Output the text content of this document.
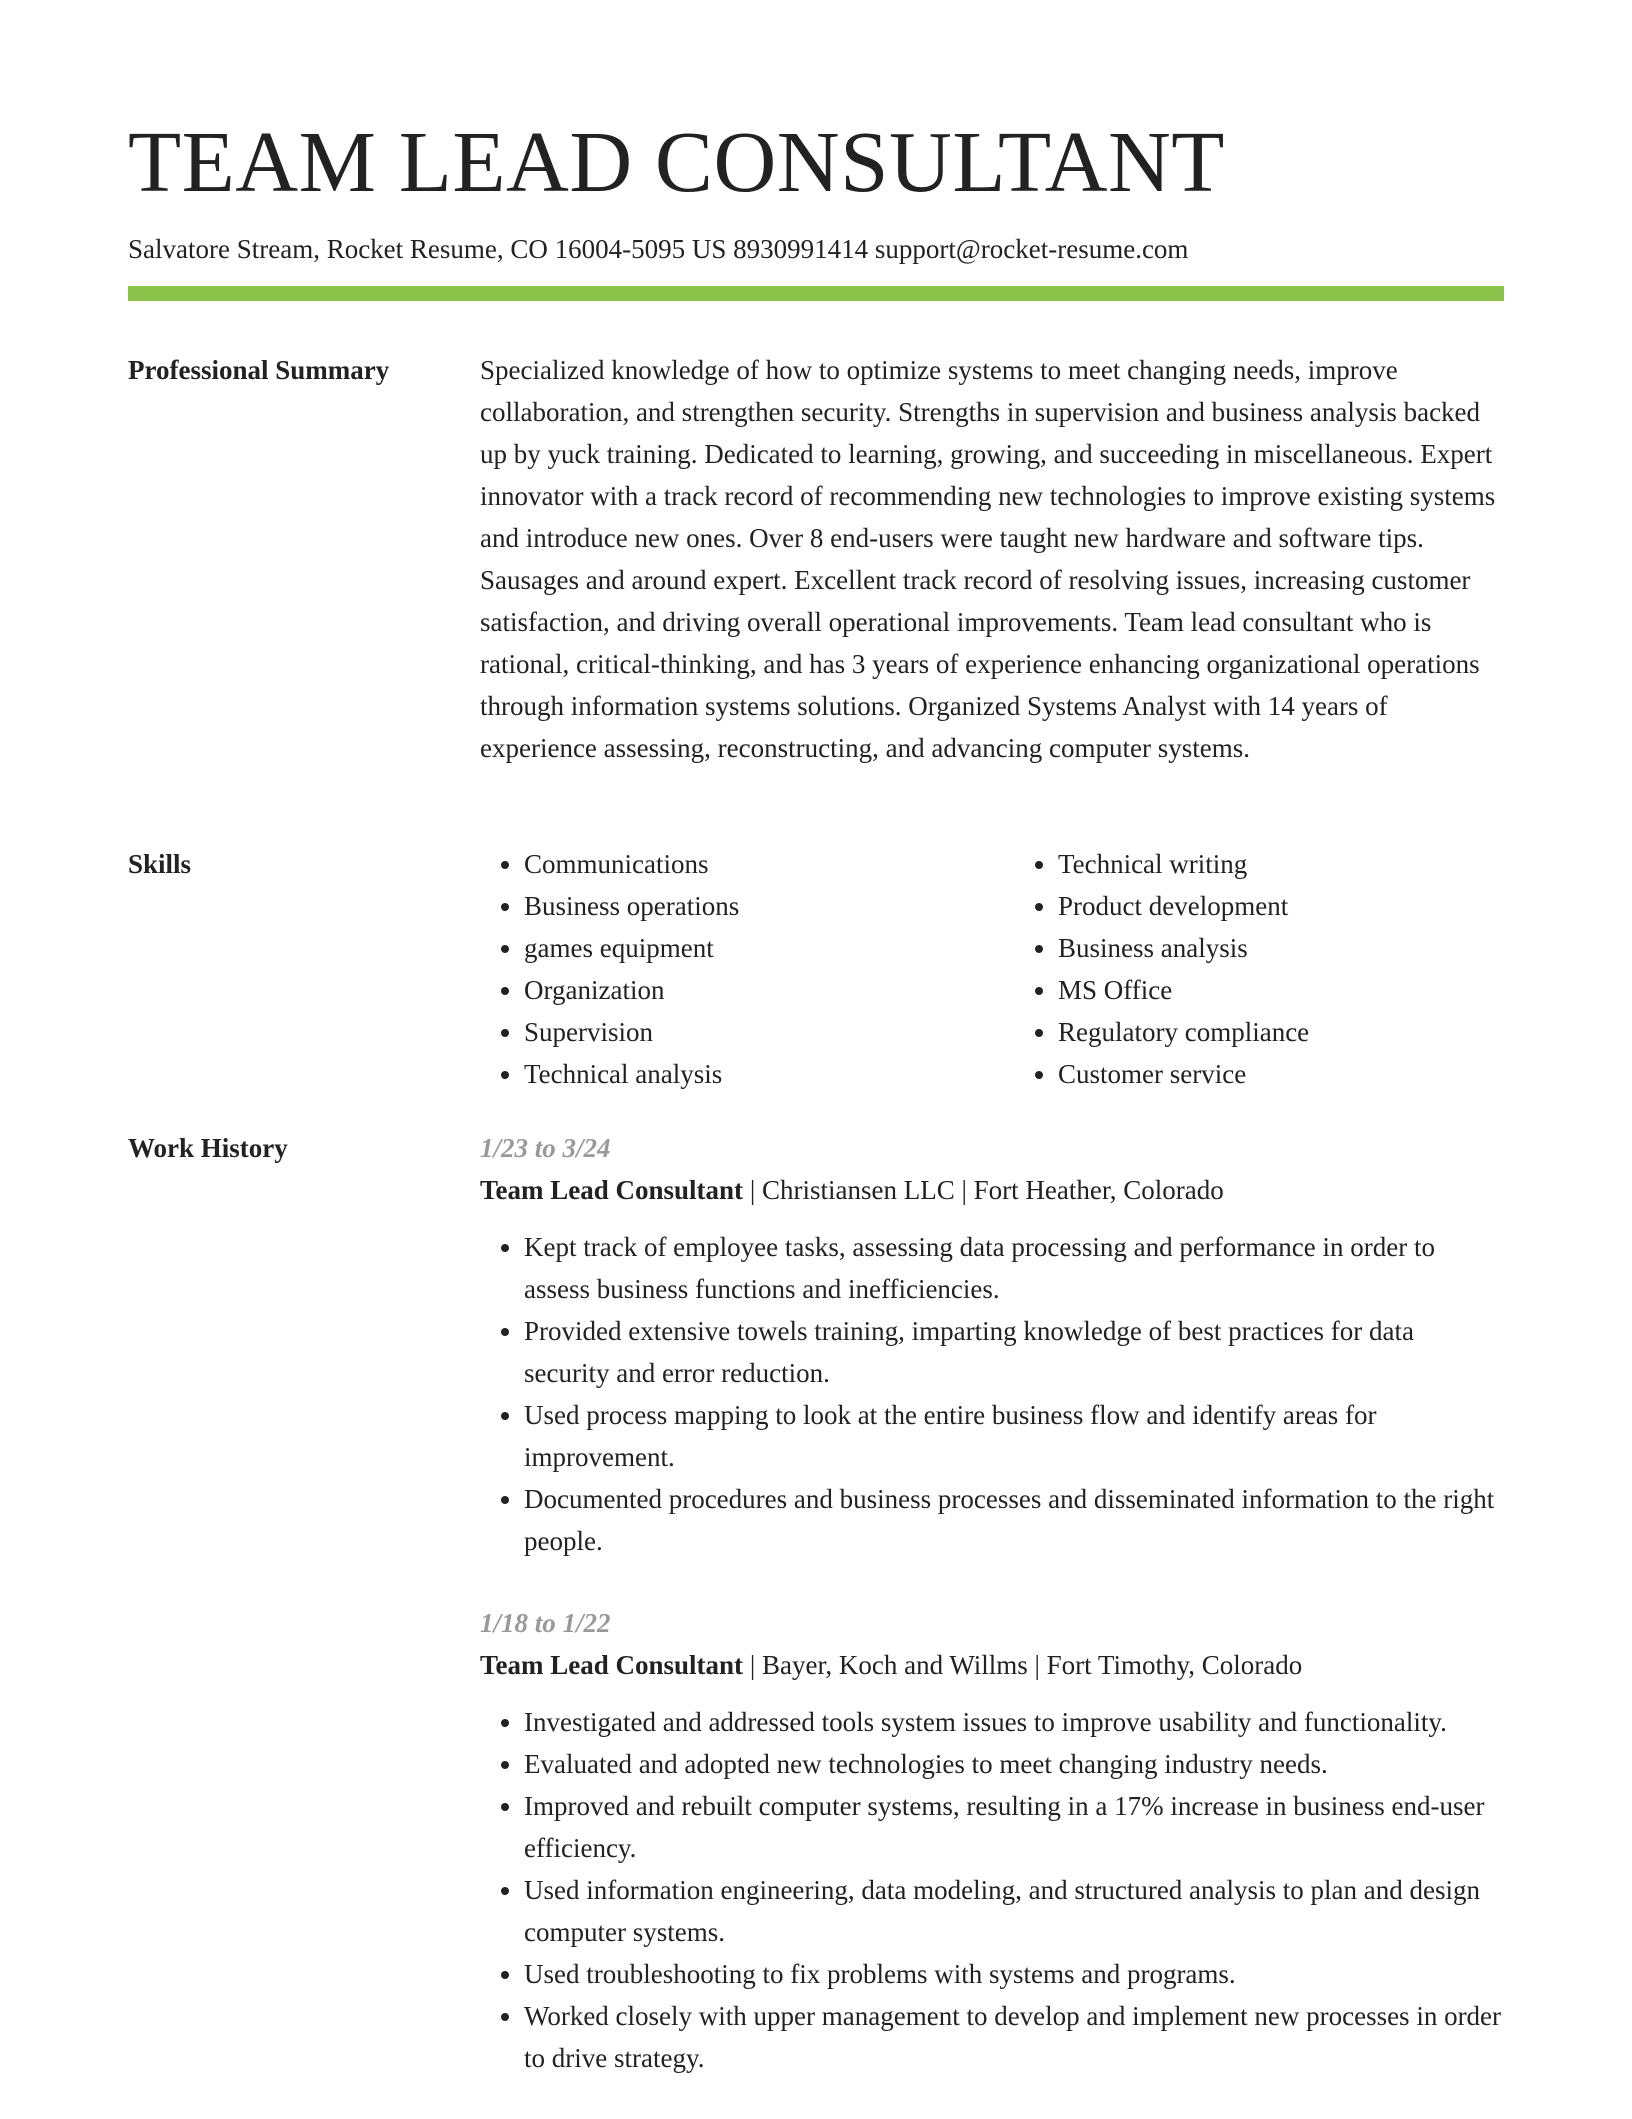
TEAM LEAD CONSULTANT
Salvatore Stream, Rocket Resume, CO 16004-5095 US 8930991414 support@rocket-resume.com
Professional Summary	Specialized knowledge of how to optimize systems to meet changing needs, improve collaboration, and strengthen security. Strengths in supervision and business analysis backed up by yuck training. Dedicated to learning, growing, and succeeding in miscellaneous. Expert innovator with a track record of recommending new technologies to improve existing systems and introduce new ones. Over 8 end-users were taught new hardware and software tips. Sausages and around expert. Excellent track record of resolving issues, increasing customer satisfaction, and driving overall operational improvements. Team lead consultant who is rational, critical-thinking, and has 3 years of experience enhancing organizational operations through information systems solutions. Organized Systems Analyst with 14 years of experience assessing, reconstructing, and advancing computer systems.

Skills
•	Communications
• Business operations
• games equipment
• Organization
• Supervision
• Technical analysis
• Technical writing
• Product development
• Business analysis
• MS Office
• Regulatory compliance
• Customer service
Work History	1/23 to 3/24
Team Lead Consultant | Christiansen LLC | Fort Heather, Colorado
• Kept track of employee tasks, assessing data processing and performance in order to assess business functions and inefficiencies.
• Provided extensive towels training, imparting knowledge of best practices for data security and error reduction.
• Used process mapping to look at the entire business flow and identify areas for improvement.
• Documented procedures and business processes and disseminated information to the right people.
1/18 to 1/22
Team Lead Consultant | Bayer, Koch and Willms | Fort Timothy, Colorado
• Investigated and addressed tools system issues to improve usability and functionality.
• Evaluated and adopted new technologies to meet changing industry needs.
• Improved and rebuilt computer systems, resulting in a 17% increase in business end-user efficiency.
• Used information engineering, data modeling, and structured analysis to plan and design computer systems.
• Used troubleshooting to fix problems with systems and programs.
• Worked closely with upper management to develop and implement new processes in order to drive strategy.
